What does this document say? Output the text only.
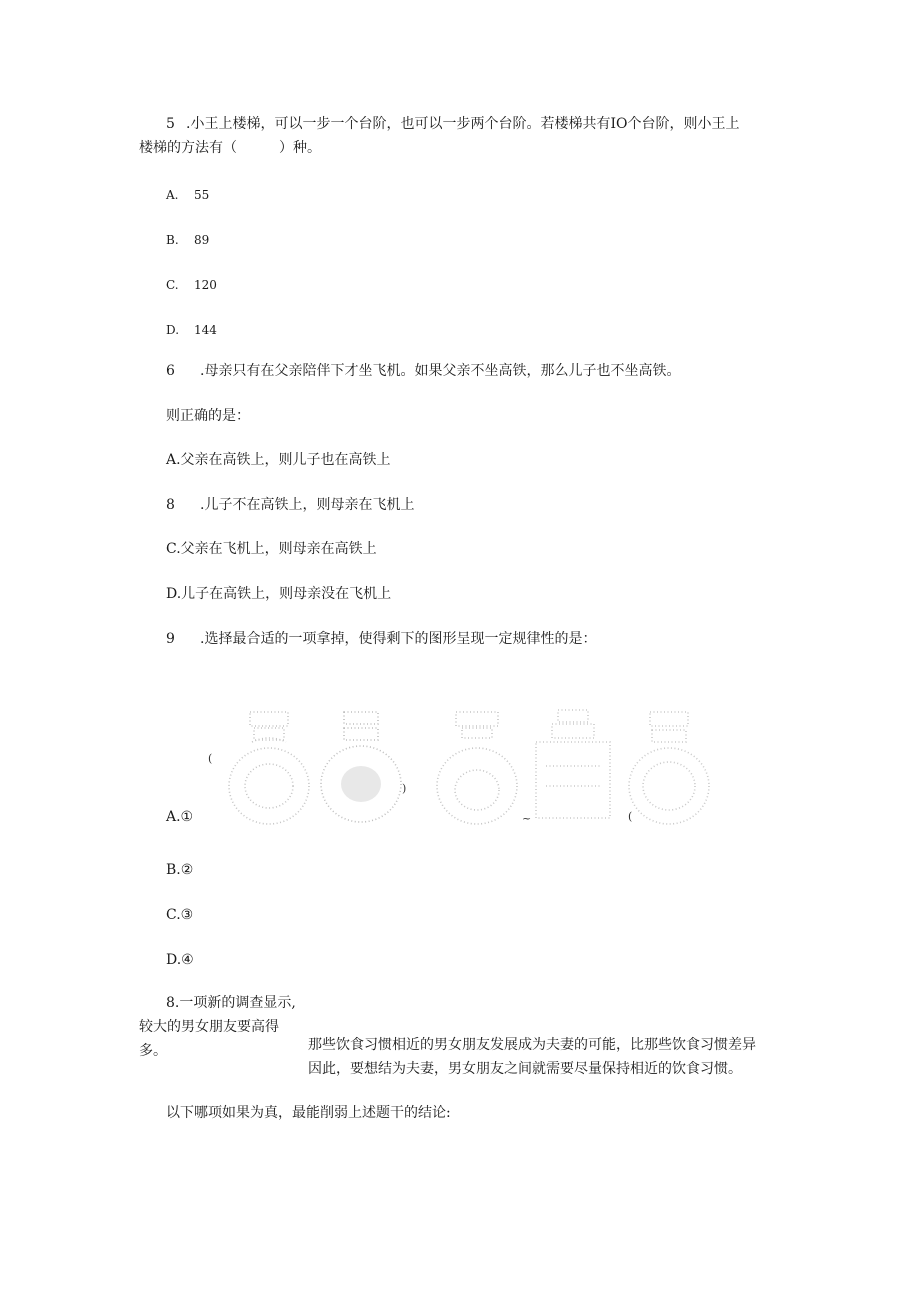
5 .小王上楼梯，可以一步一个台阶，也可以一步两个台阶。若楼梯共有IO个台阶，则小王上
楼梯的方法有（　　　）种。
A. 55
B. 89
C. 120
D. 144
6 .母亲只有在父亲陪伴下才坐飞机。如果父亲不坐高铁，那么儿子也不坐高铁。
则正确的是：
A.父亲在高铁上，则儿子也在高铁上
8 .儿子不在高铁上，则母亲在飞机上
C.父亲在飞机上，则母亲在高铁上
D.儿子在高铁上，则母亲没在飞机上
9 .选择最合适的一项拿掉，使得剩下的图形呈现一定规律性的是：
(
)
~	(
A.①
B.②
C.③
D.④
8.一项新的调查显示,
较大的男女朋友要高得
多。	那些饮食习惯相近的男女朋友发展成为夫妻的可能，比那些饮食习惯差异
因此，要想结为夫妻，男女朋友之间就需要尽量保持相近的饮食习惯。
以下哪项如果为真，最能削弱上述题干的结论:
